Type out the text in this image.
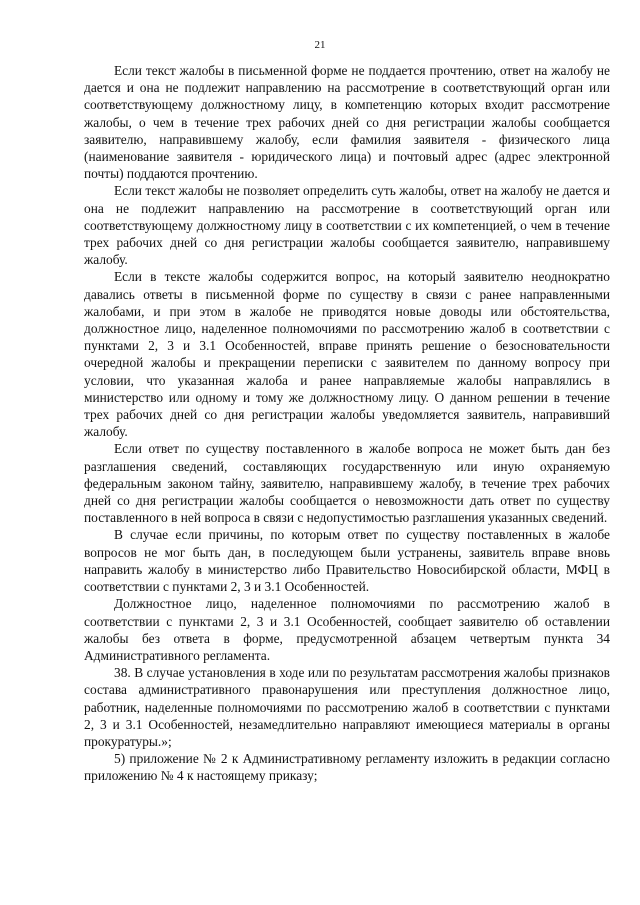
21

Если текст жалобы в письменной форме не поддается прочтению, ответ на жалобу не дается и она не подлежит направлению на рассмотрение в соответствующий орган или соответствующему должностному лицу, в компетенцию которых входит рассмотрение жалобы, о чем в течение трех рабочих дней со дня регистрации жалобы сообщается заявителю, направившему жалобу, если фамилия заявителя - физического лица (наименование заявителя - юридического лица) и почтовый адрес (адрес электронной почты) поддаются прочтению.

Если текст жалобы не позволяет определить суть жалобы, ответ на жалобу не дается и она не подлежит направлению на рассмотрение в соответствующий орган или соответствующему должностному лицу в соответствии с их компетенцией, о чем в течение трех рабочих дней со дня регистрации жалобы сообщается заявителю, направившему жалобу.

Если в тексте жалобы содержится вопрос, на который заявителю неоднократно давались ответы в письменной форме по существу в связи с ранее направленными жалобами, и при этом в жалобе не приводятся новые доводы или обстоятельства, должностное лицо, наделенное полномочиями по рассмотрению жалоб в соответствии с пунктами 2, 3 и 3.1 Особенностей, вправе принять решение о безосновательности очередной жалобы и прекращении переписки с заявителем по данному вопросу при условии, что указанная жалоба и ранее направляемые жалобы направлялись в министерство или одному и тому же должностному лицу. О данном решении в течение трех рабочих дней со дня регистрации жалобы уведомляется заявитель, направивший жалобу.

Если ответ по существу поставленного в жалобе вопроса не может быть дан без разглашения сведений, составляющих государственную или иную охраняемую федеральным законом тайну, заявителю, направившему жалобу, в течение трех рабочих дней со дня регистрации жалобы сообщается о невозможности дать ответ по существу поставленного в ней вопроса в связи с недопустимостью разглашения указанных сведений.

В случае если причины, по которым ответ по существу поставленных в жалобе вопросов не мог быть дан, в последующем были устранены, заявитель вправе вновь направить жалобу в министерство либо Правительство Новосибирской области, МФЦ в соответствии с пунктами 2, 3 и 3.1 Особенностей.

Должностное лицо, наделенное полномочиями по рассмотрению жалоб в соответствии с пунктами 2, 3 и 3.1 Особенностей, сообщает заявителю об оставлении жалобы без ответа в форме, предусмотренной абзацем четвертым пункта 34 Административного регламента.

38. В случае установления в ходе или по результатам рассмотрения жалобы признаков состава административного правонарушения или преступления должностное лицо, работник, наделенные полномочиями по рассмотрению жалоб в соответствии с пунктами 2, 3 и 3.1 Особенностей, незамедлительно направляют имеющиеся материалы в органы прокуратуры.»;

5) приложение № 2 к Административному регламенту изложить в редакции согласно приложению № 4 к настоящему приказу;
